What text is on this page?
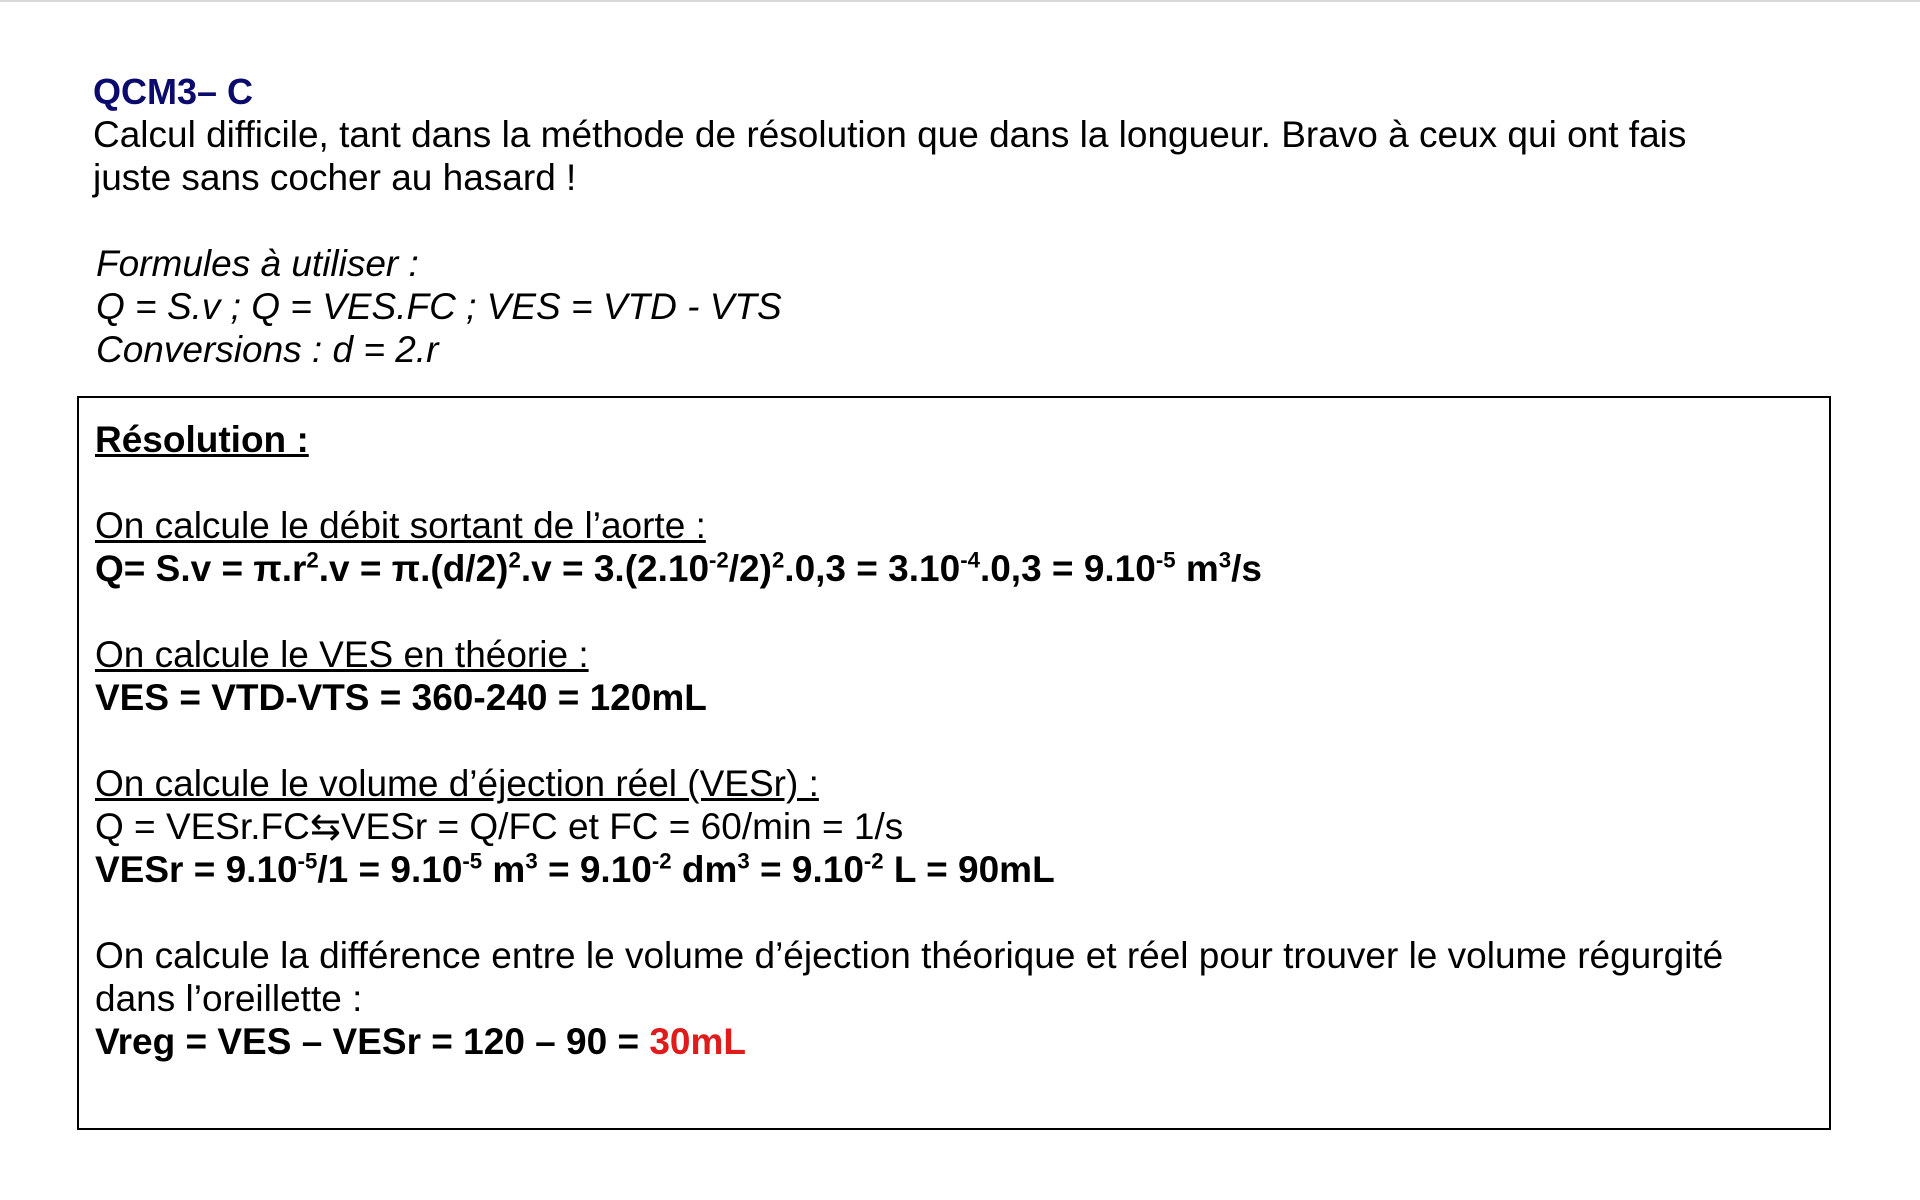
QCM3– C

Calcul difficile, tant dans la méthode de résolution que dans la longueur. Bravo à ceux qui ont fais

juste sans cocher au hasard !

Formules à utiliser :

Q = S.v ; Q = VES.FC ; VES = VTD - VTS

Conversions : d = 2.r

Résolution :

On calcule le débit sortant de l’aorte :

$Q= S.v = \pi.r^2.v = \pi.(d/2)^2.v = 3.(2.10^{-2}/2)^2.0,3 = 3.10^{-4}.0,3 = 9.10^{-5}$ $m^3/s$

On calcule le VES en théorie :

VES = VTD-VTS = 360-240 = 120mL

On calcule le volume d’éjection réel (VESr) :

Q = VESr.FC⇆VESr = Q/FC et FC = 60/min = 1/s

VESr = $9.10^{-5}/1 = 9.10^{-5}$ $m^3 = 9.10^{-2}$ $dm^3 = 9.10^{-2}$ L = 90mL

On calcule la différence entre le volume d’éjection théorique et réel pour trouver le volume régurgité

dans l’oreillette :

Vreg = VES – VESr = 120 – 90 = 30mL
